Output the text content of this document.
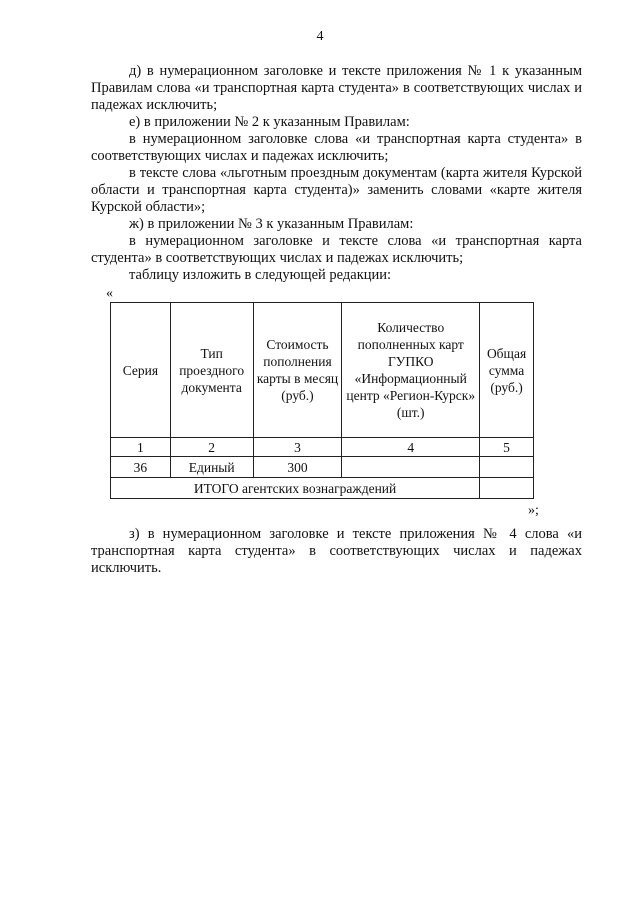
4

д) в нумерационном заголовке и тексте приложения № 1 к указанным Правилам слова «и транспортная карта студента» в соответствующих числах и падежах исключить;

е) в приложении № 2 к указанным Правилам:

в нумерационном заголовке слова «и транспортная карта студента» в соответствующих числах и падежах исключить;

в тексте слова «льготным проездным документам (карта жителя Курской области и транспортная карта студента)» заменить словами «карте жителя Курской области»;

ж) в приложении № 3 к указанным Правилам:

в нумерационном заголовке и тексте слова «и транспортная карта студента» в соответствующих числах и падежах исключить;

таблицу изложить в следующей редакции:

«
Серия	Тип проездного документа	Стоимость пополнения карты в месяц (руб.)	Количество пополненных карт ГУПКО «Информационный центр «Регион-Курск» (шт.)	Общая сумма (руб.)
1	2	3	4	5
36	Единый	300		
ИТОГО агентских вознаграждений				
»;

з) в нумерационном заголовке и тексте приложения № 4 слова «и транспортная карта студента» в соответствующих числах и падежах исключить.
